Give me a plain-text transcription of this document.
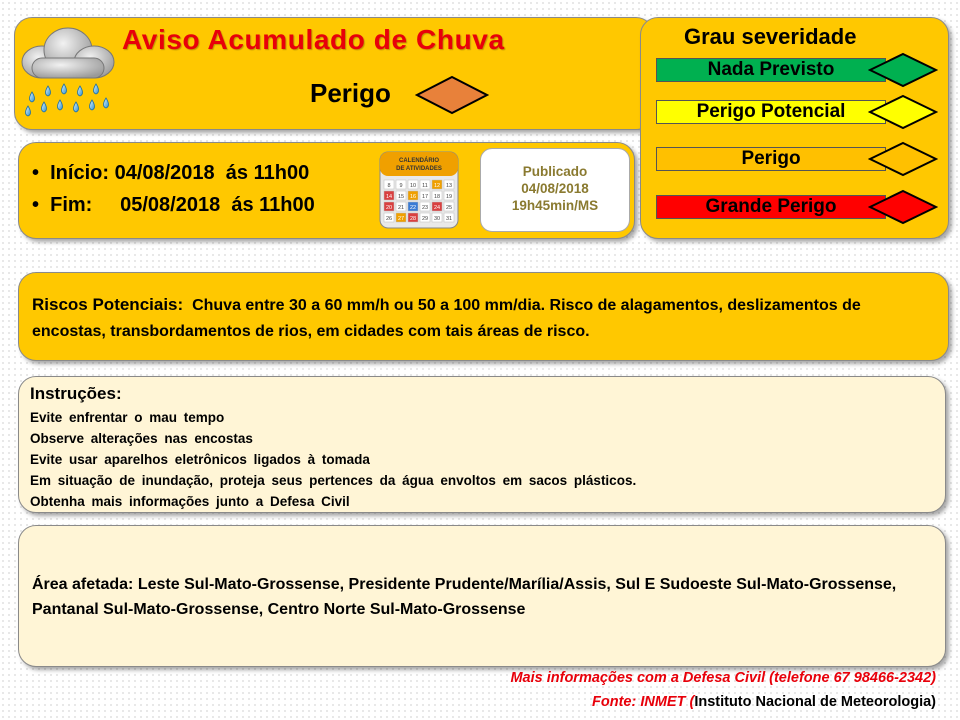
Aviso Acumulado de Chuva
Perigo
•  Início: 04/08/2018  ás 11h00
•  Fim:     05/08/2018  ás 11h00
CALENDÁRIO
DE ATIVIDADES
8 9 10 11 12 13
14 15 16 17 18 19
20 21 22 23 24 25
26 27 28 29 30 31
Publicado
04/08/2018
19h45min/MS
Grau severidade
Nada Previsto
Perigo Potencial
Perigo
Grande Perigo
Riscos Potenciais: Chuva entre 30 a 60 mm/h ou 50 a 100 mm/dia. Risco de alagamentos, deslizamentos de encostas, transbordamentos de rios, em cidades com tais áreas de risco.
Instruções:
Evite enfrentar o mau tempo
Observe alterações nas encostas
Evite usar aparelhos eletrônicos ligados à tomada
Em situação de inundação, proteja seus pertences da água envoltos em sacos plásticos.
Obtenha mais informações junto a Defesa Civil
Área afetada: Leste Sul-Mato-Grossense, Presidente Prudente/Marília/Assis, Sul E Sudoeste Sul-Mato-Grossense, Pantanal Sul-Mato-Grossense, Centro Norte Sul-Mato-Grossense
Mais informações com a Defesa Civil (telefone 67 98466-2342)
Fonte: INMET (Instituto Nacional de Meteorologia)
